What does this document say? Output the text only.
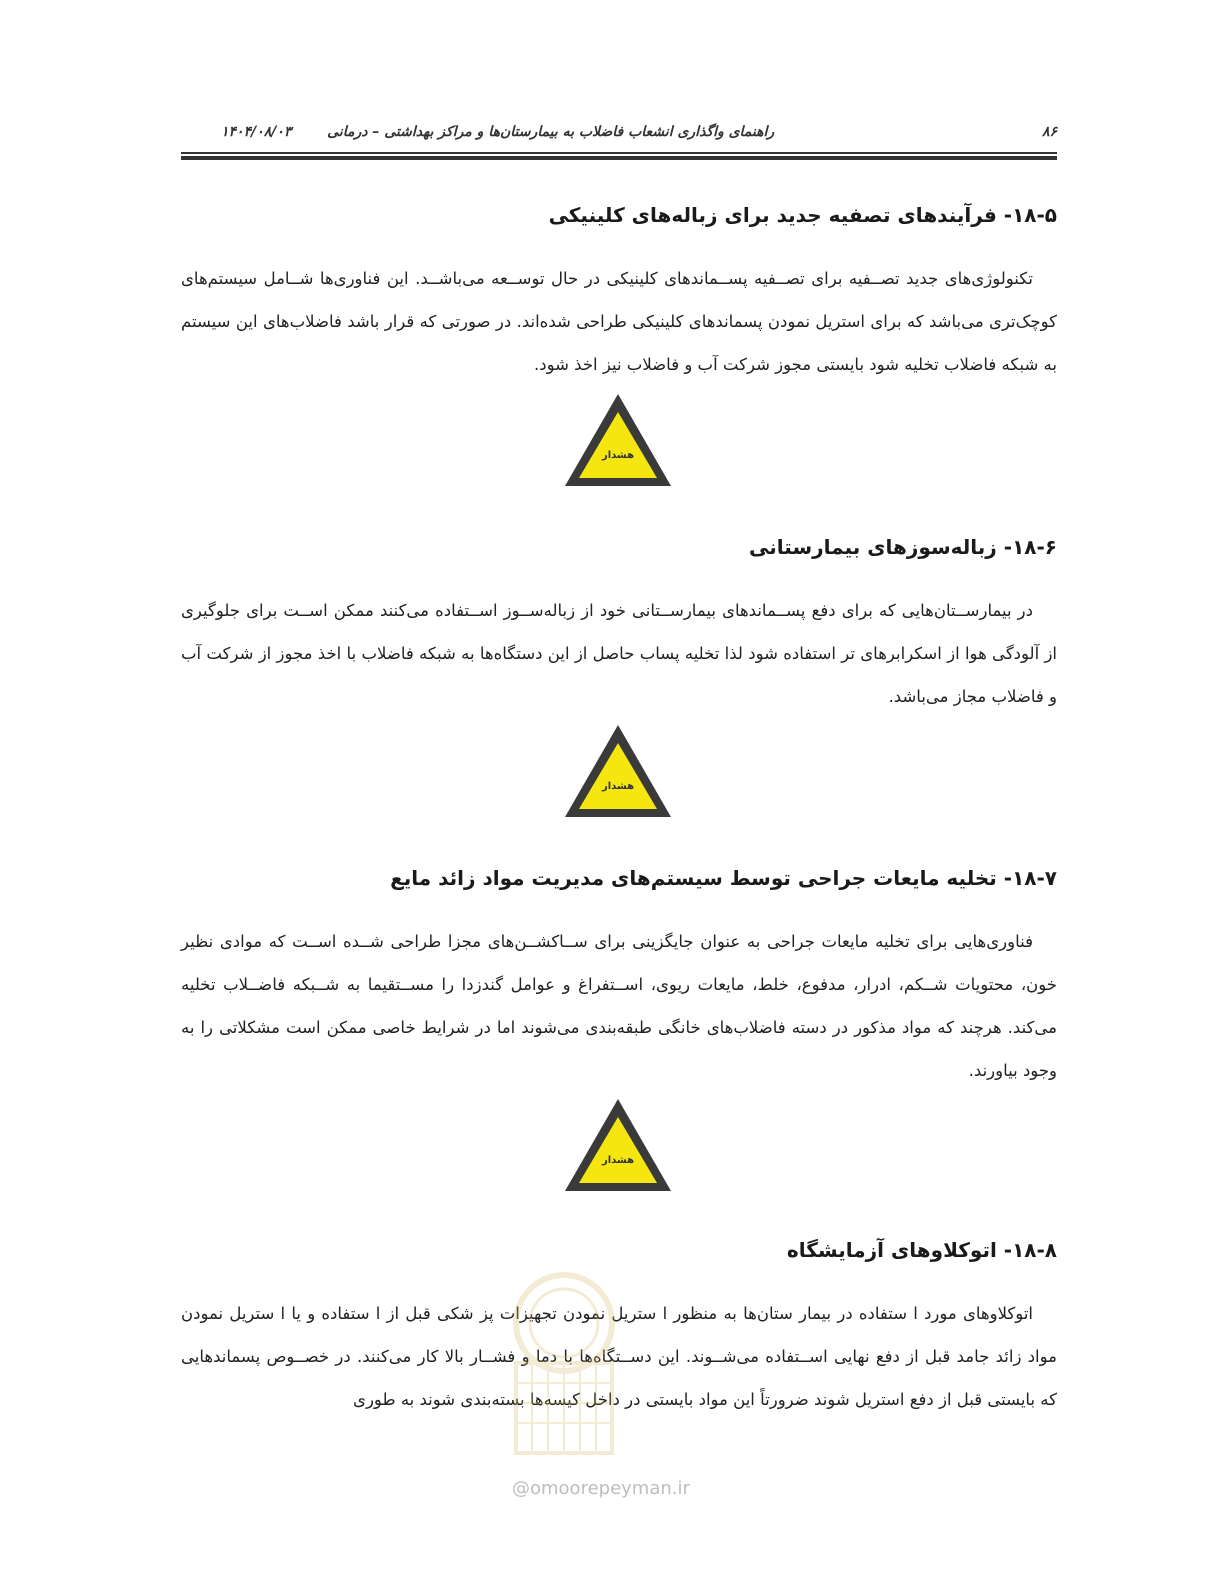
۸۶
راهنمای واگذاری انشعاب فاضلاب به بیمارستان‌ها و مراکز بهداشتی – درمانی  ۱۴۰۴/۰۸/۰۳
۱۸-۵- فرآیندهای تصفیه جدید برای زباله‌های کلینیکی

تکنولوژی‌های جدید تصــفیه برای تصــفیه پســماندهای کلینیکی در حال توســعه می‌باشــد. این فناوری‌ها شــامل سیستم‌های کوچک‌تری می‌باشد که برای استریل نمودن پسماندهای کلینیکی طراحی شده‌اند. در صورتی که قرار باشد فاضلاب‌های این سیستم به شبکه فاضلاب تخلیه شود بایستی مجوز شرکت آب و فاضلاب نیز اخذ شود.

هشدار
۱۸-۶- زباله‌سوزهای بیمارستانی

در بیمارســتان‌هایی که برای دفع پســماندهای بیمارســتانی خود از زباله‌ســوز اســتفاده می‌کنند ممکن اســت برای جلوگیری از آلودگی هوا از اسکرابرهای تر استفاده شود لذا تخلیه پساب حاصل از این دستگاه‌ها به شبکه فاضلاب با اخذ مجوز از شرکت آب و فاضلاب مجاز می‌باشد.

هشدار
۱۸-۷- تخلیه مایعات جراحی توسط سیستم‌های مدیریت مواد زائد مایع

فناوری‌هایی برای تخلیه مایعات جراحی به عنوان جایگزینی برای ســاکشــن‌های مجزا طراحی شــده اســت که موادی نظیر خون، محتویات شــکم، ادرار، مدفوع، خلط، مایعات ریوی، اســتفراغ و عوامل گندزدا را مســتقیما به شــبکه فاضــلاب تخلیه می‌کند. هرچند که مواد مذکور در دسته فاضلاب‌های خانگی طبقه‌بندی می‌شوند اما در شرایط خاصی ممکن است مشکلاتی را به وجود بیاورند.

هشدار
۱۸-۸- اتوکلاوهای آزمایشگاه

اتوکلاوهای مورد ا ستفاده در بیمار ستان‌ها به منظور ا ستریل نمودن تجهیزات پز شکی قبل از ا ستفاده و یا ا ستریل نمودن مواد زائد جامد قبل از دفع نهایی اســتفاده می‌شــوند. این دســتگاه‌ها با دما و فشــار بالا کار می‌کنند. در خصــوص پسماندهایی که بایستی قبل از دفع استریل شوند ضرورتاً این مواد بایستی در داخل کیسه‌ها بسته‌بندی شوند به طوری

@omoorepeyman.ir
